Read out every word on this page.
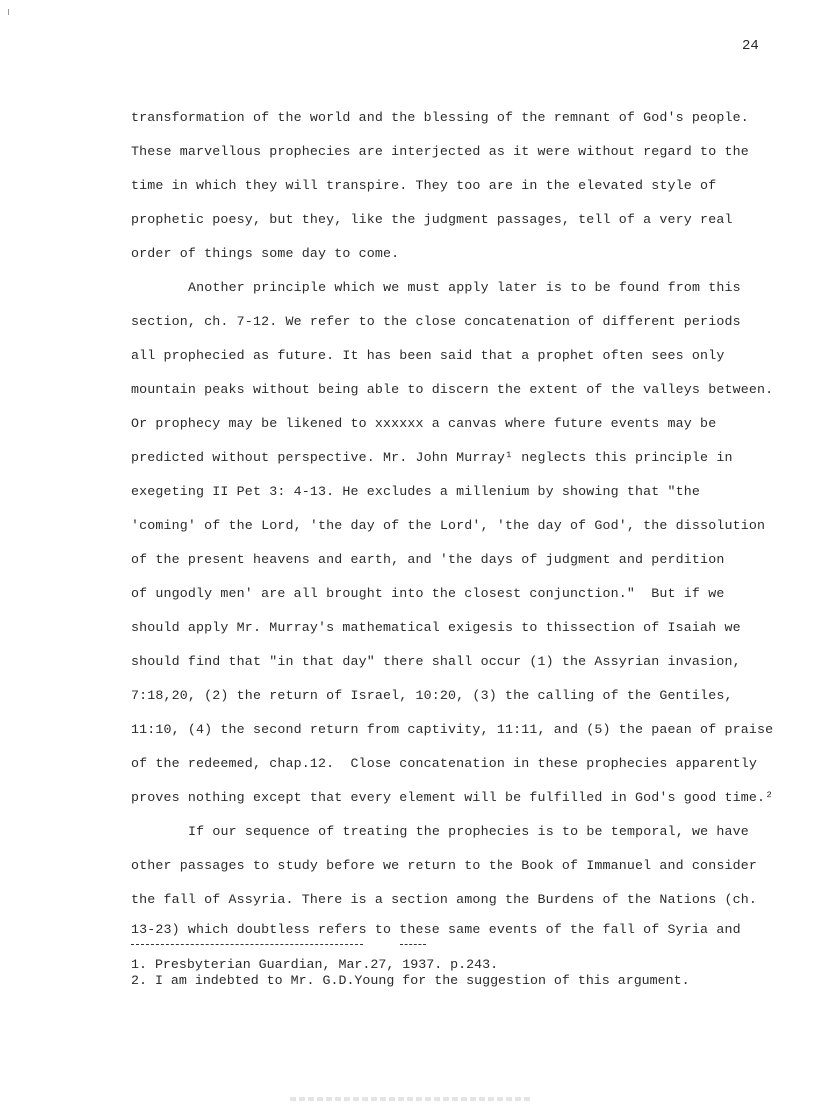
24
transformation of the world and the blessing of the remnant of God's people.
These marvellous prophecies are interjected as it were without regard to the
time in which they will transpire. They too are in the elevated style of
prophetic poesy, but they, like the judgment passages, tell of a very real
order of things some day to come.
Another principle which we must apply later is to be found from this
section, ch. 7-12. We refer to the close concatenation of different periods
all prophecied as future. It has been said that a prophet often sees only
mountain peaks without being able to discern the extent of the valleys between.
Or prophecy may be likened to xxxxxx a canvas where future events may be
predicted without perspective. Mr. John Murray¹ neglects this principle in
exegeting II Pet 3: 4-13. He excludes a millenium by showing that "the
'coming' of the Lord, 'the day of the Lord', 'the day of God', the dissolution
of the present heavens and earth, and 'the days of judgment and perdition
of ungodly men' are all brought into the closest conjunction."  But if we
should apply Mr. Murray's mathematical exigesis to thissection of Isaiah we
should find that "in that day" there shall occur (1) the Assyrian invasion,
7:18,20, (2) the return of Israel, 10:20, (3) the calling of the Gentiles,
11:10, (4) the second return from captivity, 11:11, and (5) the paean of praise
of the redeemed, chap.12.  Close concatenation in these prophecies apparently
proves nothing except that every element will be fulfilled in God's good time.²
If our sequence of treating the prophecies is to be temporal, we have
other passages to study before we return to the Book of Immanuel and consider
the fall of Assyria. There is a section among the Burdens of the Nations (ch.
13-23) which doubtless refers to these same events of the fall of Syria and
1. Presbyterian Guardian, Mar.27, 1937. p.243.
2. I am indebted to Mr. G.D.Young for the suggestion of this argument.
